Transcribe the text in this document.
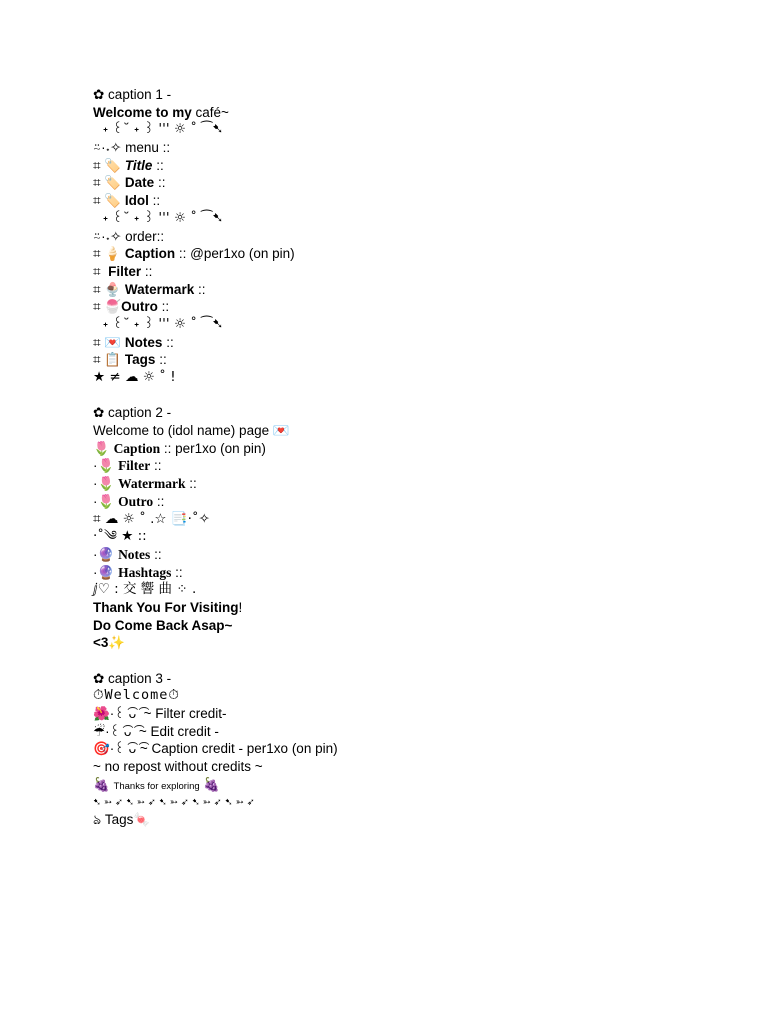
✿ caption 1 -
Welcome to my café~
⠀˖ ꒰˘ ˖ ꒱ ''' ☼ ˚ ⁀➷
⍨·˖✧ menu ::
⌗ 🏷️ Title ::
⌗ 🏷️ Date ::
⌗ 🏷️ Idol ::
⠀˖ ꒰˘ ˖ ꒱ ''' ☼ ˚ ⁀➷
⍨·˖✧ order::
⌗ 🍦 Caption :: @per1xo (on pin)
⌗  Filter ::
⌗ 🍨 Watermark ::
⌗ 🍧Outro ::
⠀˖ ꒰˘ ˖ ꒱ ''' ☼ ˚ ⁀➷
⌗ 💌 Notes ::
⌗ 📋 Tags ::
★ ≠ ☁ ☼ ˚ !
✿ caption 2 -
Welcome to (idol name) page 💌
🌷 Caption :: per1xo (on pin)
·🌷 Filter ::
·🌷 Watermark ::
·🌷 Outro ::
⌗ ☁ ☼ ˚ .☆ 📑·˚✧
·˚༄ ★ ::
·🔮 Notes ::
·🔮 Hashtags ::
ⅉ♡ : 交 響 曲 ⁘ .
Thank You For Visiting!
Do Come Back Asap~
<3✨
✿ caption 3 -
⏱Welcome⏱
🌺·꒰ ͡ᴗ ͡ ~ Filter credit-
☔·꒰ ͡ᴗ ͡ ~ Edit credit -
🎯·꒰ ͡ᴗ ͡~ Caption credit - per1xo (on pin)
~ no repost without credits ~
🍇 Thanks for exploring 🍇
➷ ➳ ➶ ➷ ➳ ➶ ➷ ➳ ➶ ➷ ➳ ➶ ➷ ➳ ➶
ঌ Tags🍬
